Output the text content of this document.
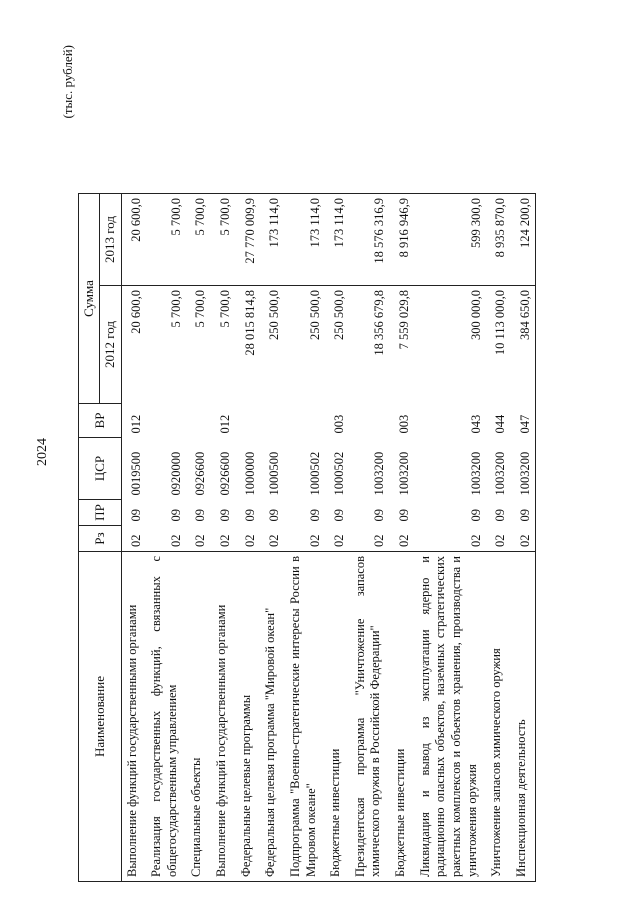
2024
(тыс. рублей)
Наименование	Рз	ПР	ЦСР	ВР	Сумма	
					2012 год	2013 год
Выполнение функций государственными органами	02	09	0019500	012	20 600,0	20 600,0
Реализация государственных функций, связанных с общегосударственным управлением	02	09	0920000		5 700,0	5 700,0
Специальные объекты	02	09	0926600		5 700,0	5 700,0
Выполнение функций государственными органами	02	09	0926600	012	5 700,0	5 700,0
Федеральные целевые программы	02	09	1000000		28 015 814,8	27 770 009,9
Федеральная целевая программа "Мировой океан"	02	09	1000500		250 500,0	173 114,0
Подпрограмма "Военно-стратегические интересы России в Мировом океане"	02	09	1000502		250 500,0	173 114,0
Бюджетные инвестиции	02	09	1000502	003	250 500,0	173 114,0
Президентская программа "Уничтожение запасов химического оружия в Российской Федерации"	02	09	1003200		18 356 679,8	18 576 316,9
Бюджетные инвестиции	02	09	1003200	003	7 559 029,8	8 916 946,9
Ликвидация и вывод из эксплуатации ядерно и радиационно опасных объектов, наземных стратегических ракетных комплексов и объектов хранения, производства и уничтожения оружия	02	09	1003200	043	300 000,0	599 300,0
Уничтожение запасов химического оружия	02	09	1003200	044	10 113 000,0	8 935 870,0
Инспекционная деятельность	02	09	1003200	047	384 650,0	124 200,0
